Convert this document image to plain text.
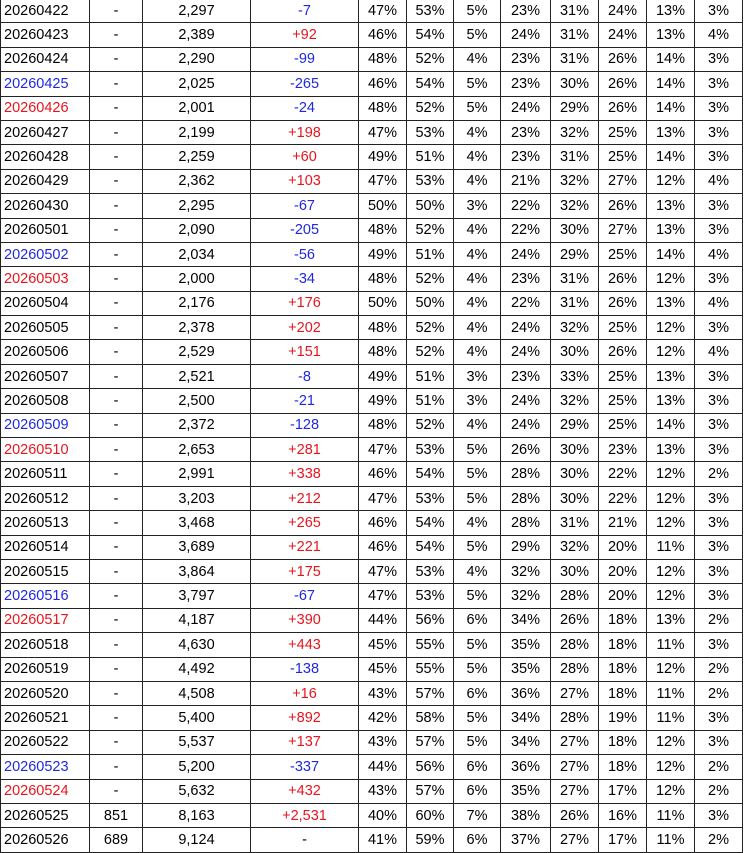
20260422	-	2,297	-7	47%	53%	5%	23%	31%	24%	13%	3%
20260423	-	2,389	+92	46%	54%	5%	24%	31%	24%	13%	4%
20260424	-	2,290	-99	48%	52%	4%	23%	31%	26%	14%	3%
20260425	-	2,025	-265	46%	54%	5%	23%	30%	26%	14%	3%
20260426	-	2,001	-24	48%	52%	5%	24%	29%	26%	14%	3%
20260427	-	2,199	+198	47%	53%	4%	23%	32%	25%	13%	3%
20260428	-	2,259	+60	49%	51%	4%	23%	31%	25%	14%	3%
20260429	-	2,362	+103	47%	53%	4%	21%	32%	27%	12%	4%
20260430	-	2,295	-67	50%	50%	3%	22%	32%	26%	13%	3%
20260501	-	2,090	-205	48%	52%	4%	22%	30%	27%	13%	3%
20260502	-	2,034	-56	49%	51%	4%	24%	29%	25%	14%	4%
20260503	-	2,000	-34	48%	52%	4%	23%	31%	26%	12%	3%
20260504	-	2,176	+176	50%	50%	4%	22%	31%	26%	13%	4%
20260505	-	2,378	+202	48%	52%	4%	24%	32%	25%	12%	3%
20260506	-	2,529	+151	48%	52%	4%	24%	30%	26%	12%	4%
20260507	-	2,521	-8	49%	51%	3%	23%	33%	25%	13%	3%
20260508	-	2,500	-21	49%	51%	3%	24%	32%	25%	13%	3%
20260509	-	2,372	-128	48%	52%	4%	24%	29%	25%	14%	3%
20260510	-	2,653	+281	47%	53%	5%	26%	30%	23%	13%	3%
20260511	-	2,991	+338	46%	54%	5%	28%	30%	22%	12%	2%
20260512	-	3,203	+212	47%	53%	5%	28%	30%	22%	12%	3%
20260513	-	3,468	+265	46%	54%	4%	28%	31%	21%	12%	3%
20260514	-	3,689	+221	46%	54%	5%	29%	32%	20%	11%	3%
20260515	-	3,864	+175	47%	53%	4%	32%	30%	20%	12%	3%
20260516	-	3,797	-67	47%	53%	5%	32%	28%	20%	12%	3%
20260517	-	4,187	+390	44%	56%	6%	34%	26%	18%	13%	2%
20260518	-	4,630	+443	45%	55%	5%	35%	28%	18%	11%	3%
20260519	-	4,492	-138	45%	55%	5%	35%	28%	18%	12%	2%
20260520	-	4,508	+16	43%	57%	6%	36%	27%	18%	11%	2%
20260521	-	5,400	+892	42%	58%	5%	34%	28%	19%	11%	3%
20260522	-	5,537	+137	43%	57%	5%	34%	27%	18%	12%	3%
20260523	-	5,200	-337	44%	56%	6%	36%	27%	18%	12%	2%
20260524	-	5,632	+432	43%	57%	6%	35%	27%	17%	12%	2%
20260525	851	8,163	+2,531	40%	60%	7%	38%	26%	16%	11%	3%
20260526	689	9,124	-	41%	59%	6%	37%	27%	17%	11%	2%
